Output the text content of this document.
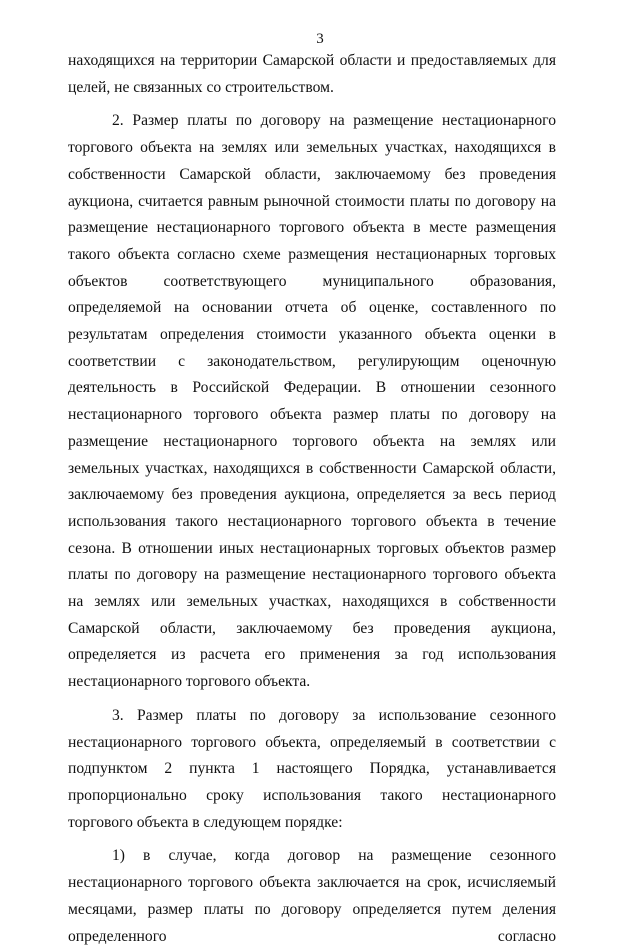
3

находящихся на территории Самарской области и предоставляемых для целей, не связанных со строительством.

2. Размер платы по договору на размещение нестационарного торгового объекта на землях или земельных участках, находящихся в собственности Самарской области, заключаемому без проведения аукциона, считается равным рыночной стоимости платы по договору на размещение нестационарного торгового объекта в месте размещения такого объекта согласно схеме размещения нестационарных торговых объектов соответствующего муниципального образования, определяемой на основании отчета об оценке, составленного по результатам определения стоимости указанного объекта оценки в соответствии с законодательством, регулирующим оценочную деятельность в Российской Федерации. В отношении сезонного нестационарного торгового объекта размер платы по договору на размещение нестационарного торгового объекта на землях или земельных участках, находящихся в собственности Самарской области, заключаемому без проведения аукциона, определяется за весь период использования такого нестационарного торгового объекта в течение сезона. В отношении иных нестационарных торговых объектов размер платы по договору на размещение нестационарного торгового объекта на землях или земельных участках, находящихся в собственности Самарской области, заключаемому без проведения аукциона, определяется из расчета его применения за год использования нестационарного торгового объекта.

3. Размер платы по договору за использование сезонного нестационарного торгового объекта, определяемый в соответствии с подпунктом 2 пункта 1 настоящего Порядка, устанавливается пропорционально сроку использования такого нестационарного торгового объекта в следующем порядке:

1) в случае, когда договор на размещение сезонного нестационарного торгового объекта заключается на срок, исчисляемый месяцами, размер платы по договору определяется путем деления определенного согласно
